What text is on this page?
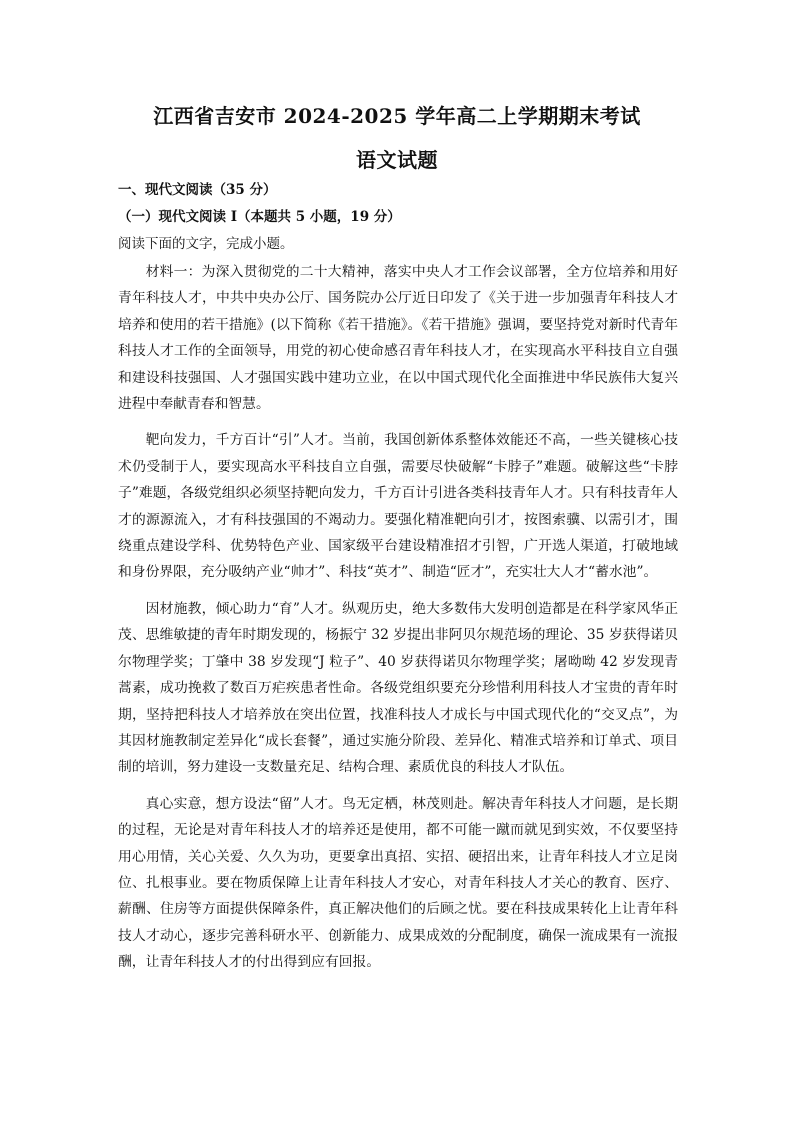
江西省吉安市 2024-2025 学年高二上学期期末考试
语文试题
一、现代文阅读（35 分）
（一）现代文阅读 I（本题共 5 小题，19 分）
阅读下面的文字，完成小题。

材料一：为深入贯彻党的二十大精神，落实中央人才工作会议部署，全方位培养和用好青年科技人才，中共中央办公厅、国务院办公厅近日印发了《关于进一步加强青年科技人才培养和使用的若干措施》(以下简称《若干措施》。《若干措施》强调，要坚持党对新时代青年科技人才工作的全面领导，用党的初心使命感召青年科技人才，在实现高水平科技自立自强和建设科技强国、人才强国实践中建功立业，在以中国式现代化全面推进中华民族伟大复兴进程中奉献青春和智慧。

靶向发力，千方百计“引”人才。当前，我国创新体系整体效能还不高，一些关键核心技术仍受制于人，要实现高水平科技自立自强，需要尽快破解“卡脖子”难题。破解这些“卡脖子”难题，各级党组织必须坚持靶向发力，千方百计引进各类科技青年人才。只有科技青年人才的源源流入，才有科技强国的不竭动力。要强化精准靶向引才，按图索骥、以需引才，围绕重点建设学科、优势特色产业、国家级平台建设精准招才引智，广开选人渠道，打破地域和身份界限，充分吸纳产业“帅才”、科技“英才”、制造“匠才”，充实壮大人才“蓄水池”。

因材施教，倾心助力“育”人才。纵观历史，绝大多数伟大发明创造都是在科学家风华正茂、思维敏捷的青年时期发现的，杨振宁 32 岁提出非阿贝尔规范场的理论、35 岁获得诺贝尔物理学奖；丁肇中 38 岁发现“J 粒子”、40 岁获得诺贝尔物理学奖；屠呦呦 42 岁发现青蒿素，成功挽救了数百万疟疾患者性命。各级党组织要充分珍惜利用科技人才宝贵的青年时期，坚持把科技人才培养放在突出位置，找准科技人才成长与中国式现代化的“交叉点”，为其因材施教制定差异化“成长套餐”，通过实施分阶段、差异化、精准式培养和订单式、项目制的培训，努力建设一支数量充足、结构合理、素质优良的科技人才队伍。

真心实意，想方设法“留”人才。鸟无定栖，林茂则赴。解决青年科技人才问题，是长期的过程，无论是对青年科技人才的培养还是使用，都不可能一蹴而就见到实效，不仅要坚持用心用情，关心关爱、久久为功，更要拿出真招、实招、硬招出来，让青年科技人才立足岗位、扎根事业。要在物质保障上让青年科技人才安心，对青年科技人才关心的教育、医疗、薪酬、住房等方面提供保障条件，真正解决他们的后顾之忧。要在科技成果转化上让青年科技人才动心，逐步完善科研水平、创新能力、成果成效的分配制度，确保一流成果有一流报酬，让青年科技人才的付出得到应有回报。
